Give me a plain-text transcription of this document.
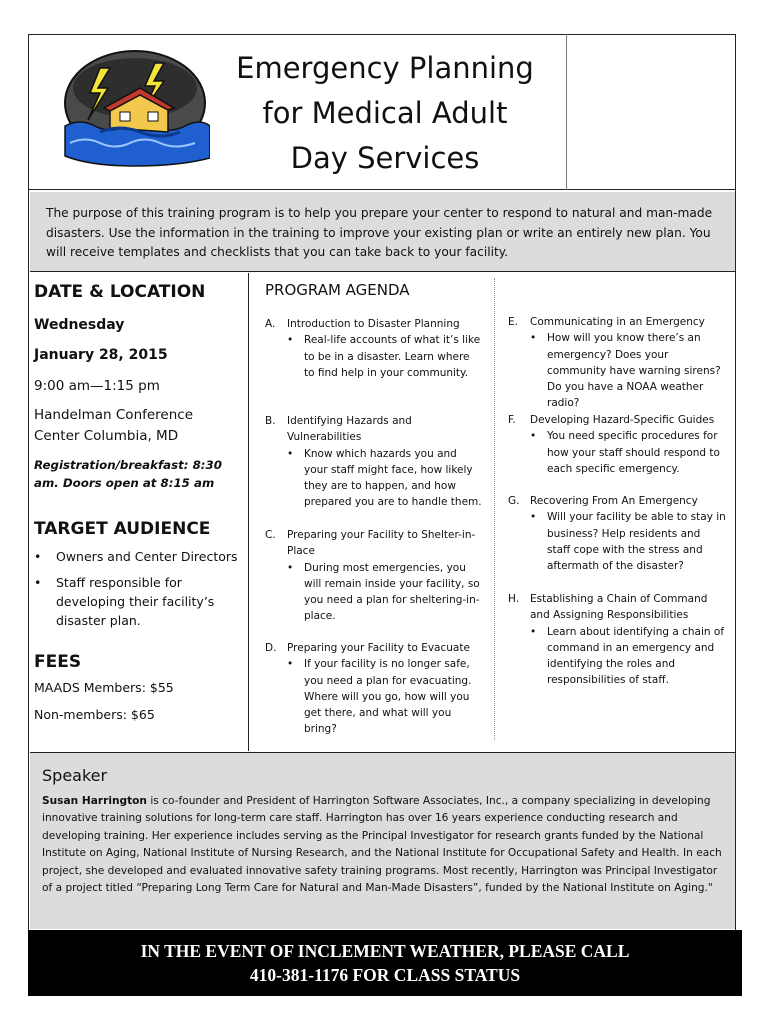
Emergency Planning
for Medical Adult
Day Services
The purpose of this training program is to help you prepare your center to respond to natural and man-made disasters. Use the information in the training to improve your existing plan or write an entirely new plan. You will receive templates and checklists that you can take back to your facility.
DATE & LOCATION
Wednesday
January 28, 2015
9:00 am—1:15 pm
Handelman Conference
Center Columbia, MD
Registration/breakfast: 8:30 am. Doors open at 8:15 am
TARGET AUDIENCE
• Owners and Center Directors
• Staff responsible for developing their facility’s disaster plan.
FEES
MAADS Members: $55
Non-members: $65
PROGRAM AGENDA
A.	Introduction to Disaster Planning
•	Real-life accounts of what it’s like to be in a disaster. Learn where to find help in your community.
B.	Identifying Hazards and Vulnerabilities
•	Know which hazards you and your staff might face, how likely they are to happen, and how prepared you are to handle them.
C.	Preparing your Facility to Shelter-in-Place
•	During most emergencies, you will remain inside your facility, so you need a plan for sheltering-in-place.
D.	Preparing your Facility to Evacuate
•	If your facility is no longer safe, you need a plan for evacuating. Where will you go, how will you get there, and what will you bring?
E.	Communicating in an Emergency
•	How will you know there’s an emergency? Does your community have warning sirens? Do you have a NOAA weather radio?
F.	Developing Hazard-Specific Guides
•	You need specific procedures for how your staff should respond to each specific emergency.
G.	Recovering From An Emergency
•	Will your facility be able to stay in business? Help residents and staff cope with the stress and aftermath of the disaster?
H.	Establishing a Chain of Command and Assigning Responsibilities
•	Learn about identifying a chain of command in an emergency and identifying the roles and responsibilities of staff.
Speaker
Susan Harrington is co-founder and President of Harrington Software Associates, Inc., a company specializing in developing innovative training solutions for long-term care staff. Harrington has over 16 years experience conducting research and developing training. Her experience includes serving as the Principal Investigator for research grants funded by the National Institute on Aging, National Institute of Nursing Research, and the National Institute for Occupational Safety and Health. In each project, she developed and evaluated innovative safety training programs. Most recently, Harrington was Principal Investigator of a project titled “Preparing Long Term Care for Natural and Man-Made Disasters”, funded by the National Institute on Aging."
IN THE EVENT OF INCLEMENT WEATHER, PLEASE CALL
410-381-1176 FOR CLASS STATUS
